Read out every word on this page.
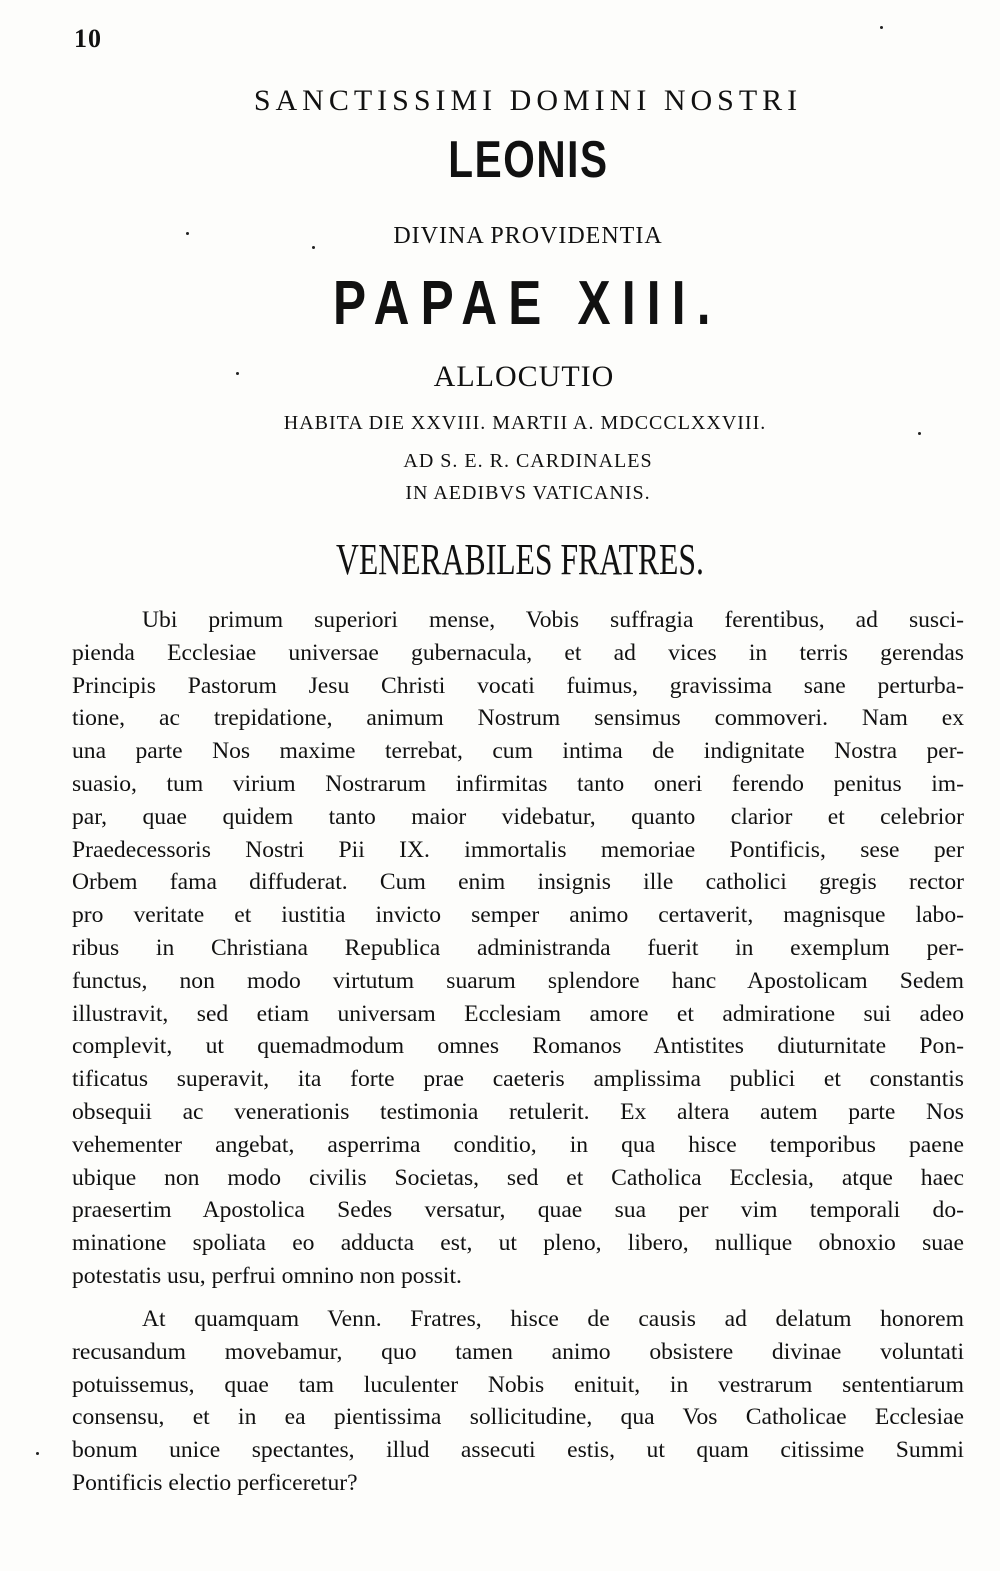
10
SANCTISSIMI DOMINI NOSTRI
LEONIS
DIVINA PROVIDENTIA
PAPAE XIII.
ALLOCUTIO
HABITA DIE XXVIII. MARTII A. MDCCCLXXVIII.
AD S. E. R. CARDINALES
IN AEDIBVS VATICANIS.
VENERABILES FRATRES.
Ubi primum superiori mense, Vobis suffragia ferentibus, ad susci-
pienda Ecclesiae universae gubernacula, et ad vices in terris gerendas
Principis Pastorum Jesu Christi vocati fuimus, gravissima sane perturba-
tione, ac trepidatione, animum Nostrum sensimus commoveri. Nam ex
una parte Nos maxime terrebat, cum intima de indignitate Nostra per-
suasio, tum virium Nostrarum infirmitas tanto oneri ferendo penitus im-
par, quae quidem tanto maior videbatur, quanto clarior et celebrior
Praedecessoris Nostri Pii IX. immortalis memoriae Pontificis, sese per
Orbem fama diffuderat. Cum enim insignis ille catholici gregis rector
pro veritate et iustitia invicto semper animo certaverit, magnisque labo-
ribus in Christiana Republica administranda fuerit in exemplum per-
functus, non modo virtutum suarum splendore hanc Apostolicam Sedem
illustravit, sed etiam universam Ecclesiam amore et admiratione sui adeo
complevit, ut quemadmodum omnes Romanos Antistites diuturnitate Pon-
tificatus superavit, ita forte prae caeteris amplissima publici et constantis
obsequii ac venerationis testimonia retulerit. Ex altera autem parte Nos
vehementer angebat, asperrima conditio, in qua hisce temporibus paene
ubique non modo civilis Societas, sed et Catholica Ecclesia, atque haec
praesertim Apostolica Sedes versatur, quae sua per vim temporali do-
minatione spoliata eo adducta est, ut pleno, libero, nullique obnoxio suae
potestatis usu, perfrui omnino non possit.
At quamquam Venn. Fratres, hisce de causis ad delatum honorem
recusandum movebamur, quo tamen animo obsistere divinae voluntati
potuissemus, quae tam luculenter Nobis enituit, in vestrarum sententiarum
consensu, et in ea pientissima sollicitudine, qua Vos Catholicae Ecclesiae
bonum unice spectantes, illud assecuti estis, ut quam citissime Summi
Pontificis electio perficeretur?
